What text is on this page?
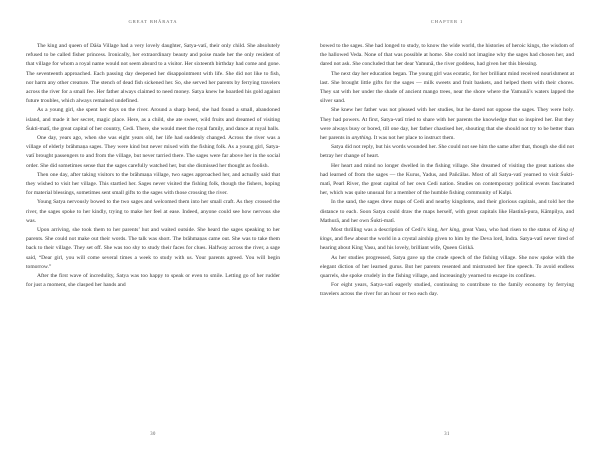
GREAT BHĀRATA

The king and queen of Dāśa Village had a very lovely daughter, Satya-vatī, their only child. She absolutely refused to be called fisher princess. Ironically, her extraordinary beauty and poise made her the only resident of that village for whom a royal name would not seem absurd to a visitor. Her sixteenth birthday had come and gone. The seventeenth approached. Each passing day deepened her disappointment with life. She did not like to fish, nor harm any other creature. The stench of dead fish sickened her. So, she served her parents by ferrying travelers across the river for a small fee. Her father always claimed to need money. Satya knew he hoarded his gold against future troubles, which always remained undefined.

As a young girl, she spent her days on the river. Around a sharp bend, she had found a small, abandoned island, and made it her secret, magic place. Here, as a child, she ate sweet, wild fruits and dreamed of visiting Śukti-matī, the great capital of her country, Cedi. There, she would meet the royal family, and dance at royal balls.

One day, years ago, when she was eight years old, her life had suddenly changed. Across the river was a village of elderly brāhmaṇa sages. They were kind but never mixed with the fishing folk. As a young girl, Satya-vatī brought passengers to and from the village, but never tarried there. The sages were far above her in the social order. She did sometimes sense that the sages carefully watched her, but she dismissed her thought as foolish.

Then one day, after taking visitors to the brāhmaṇa village, two sages approached her, and actually said that they wished to visit her village. This startled her. Sages never visited the fishing folk, though the fishers, hoping for material blessings, sometimes sent small gifts to the sages with those crossing the river.

Young Satya nervously bowed to the two sages and welcomed them into her small craft. As they crossed the river, the sages spoke to her kindly, trying to make her feel at ease. Indeed, anyone could see how nervous she was.

Upon arriving, she took them to her parents’ hut and waited outside. She heard the sages speaking to her parents. She could not make out their words. The talk was short. The brāhmaṇas came out. She was to take them back to their village. They set off. She was too shy to study their faces for clues. Halfway across the river, a sage said, “Dear girl, you will come several times a week to study with us. Your parents agreed. You will begin tomorrow.”

After the first wave of incredulity, Satya was too happy to speak or even to smile. Letting go of her rudder for just a moment, she clasped her hands and

30
CHAPTER 1

bowed to the sages. She had longed to study, to know the wide world, the histories of heroic kings, the wisdom of the hallowed Veda. None of that was possible at home. She could not imagine why the sages had chosen her, and dared not ask. She concluded that her dear Yamunā, the river goddess, had given her this blessing.

The next day her education began. The young girl was ecstatic, for her brilliant mind received nourishment at last. She brought little gifts for the sages — milk sweets and fruit baskets, and helped them with their chores. They sat with her under the shade of ancient mango trees, near the shore where the Yamunā’s waters lapped the silver sand.

She knew her father was not pleased with her studies, but he dared not oppose the sages. They were holy. They had powers. At first, Satya-vatī tried to share with her parents the knowledge that so inspired her. But they were always busy or bored, till one day, her father chastised her, shouting that she should not try to be better than her parents in anything. It was not her place to instruct them.

Satya did not reply, but his words wounded her. She could not see him the same after that, though she did not betray her change of heart.

Her heart and mind no longer dwelled in the fishing village. She dreamed of visiting the great nations she had learned of from the sages — the Kurus, Yadus, and Pañcālas. Most of all Satya-vatī yearned to visit Śukti-matī, Pearl River, the great capital of her own Cedi nation. Studies on contemporary political events fascinated her, which was quite unusual for a member of the humble fishing community of Kalpi.

In the sand, the sages drew maps of Cedi and nearby kingdoms, and their glorious capitals, and told her the distance to each. Soon Satya could draw the maps herself, with great capitals like Hastinā-pura, Kāmpilya, and Mathurā, and her own Śukti-matī.

Most thrilling was a description of Cedi’s king, her king, great Vasu, who had risen to the status of king of kings, and flew about the world in a crystal airship given to him by the Deva lord, Indra. Satya-vatī never tired of hearing about King Vasu, and his lovely, brilliant wife, Queen Girikā.

As her studies progressed, Satya gave up the crude speech of the fishing village. She now spoke with the elegant diction of her learned gurus. But her parents resented and mistrusted her fine speech. To avoid endless quarrels, she spoke crudely in the fishing village, and increasingly yearned to escape its confines.

For eight years, Satya-vatī eagerly studied, continuing to contribute to the family economy by ferrying travelers across the river for an hour or two each day.

31
